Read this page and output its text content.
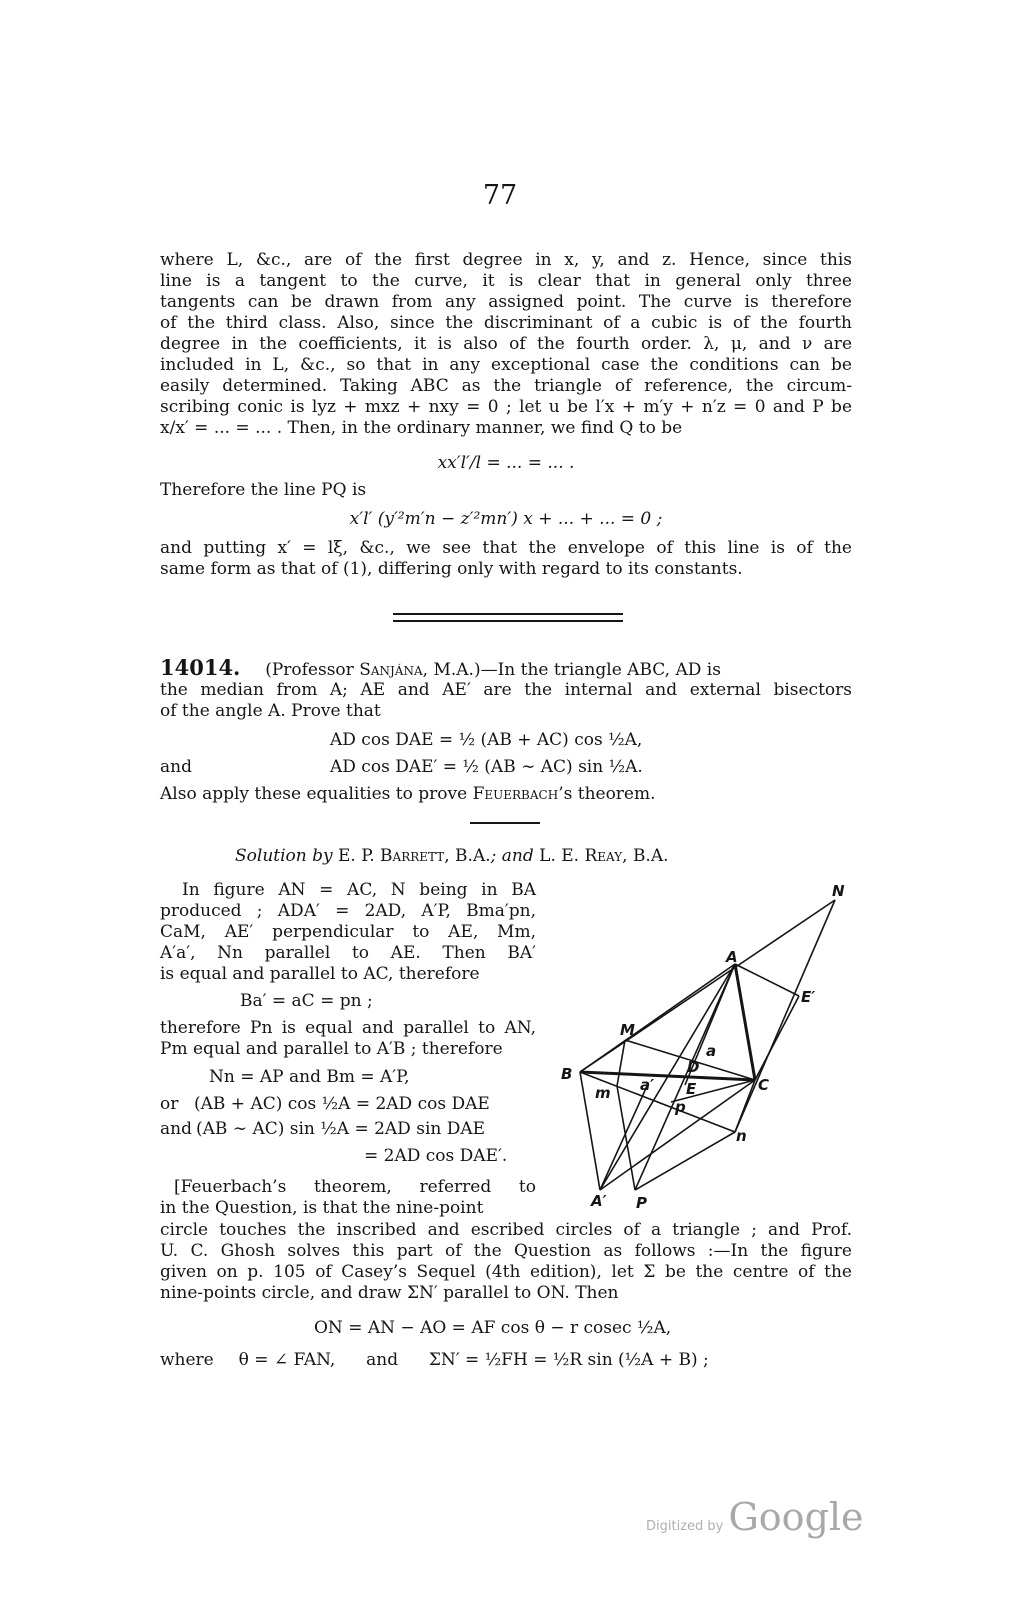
77
where L, &c., are of the first degree in x, y, and z. Hence, since this
line is a tangent to the curve, it is clear that in general only three
tangents can be drawn from any assigned point. The curve is therefore
of the third class. Also, since the discriminant of a cubic is of the fourth
degree in the coefficients, it is also of the fourth order. λ, μ, and ν are
included in L, &c., so that in any exceptional case the conditions can be
easily determined. Taking ABC as the triangle of reference, the circum-
scribing conic is lyz + mxz + nxy = 0 ; let u be l′x + m′y + n′z = 0 and P be
x/x′ = ... = ... . Then, in the ordinary manner, we find Q to be
xx′l′/l = ... = ... .
Therefore the line PQ is
x′l′ (y′²m′n − z′²mn′) x + ... + ... = 0 ;
and putting x′ = lξ, &c., we see that the envelope of this line is of the
same form as that of (1), differing only with regard to its constants.
14014. (Professor Sanjána, M.A.)—In the triangle ABC, AD is
the median from A; AE and AE′ are the internal and external bisectors
of the angle A. Prove that
AD cos DAE = ½ (AB + AC) cos ½A,
and	AD cos DAE′ = ½ (AB ∼ AC) sin ½A.
Also apply these equalities to prove Feuerbach’s theorem.
Solution by E. P. Barrett, B.A.; and L. E. Reay, B.A.
In figure AN = AC, N being in BA
produced ; ADA′ = 2AD, A′P, Bma′pn,
CaM, AE′ perpendicular to AE, Mm,
A′a′, Nn parallel to AE. Then BA′
is equal and parallel to AC, therefore
Ba′ = aC = pn ;
therefore Pn is equal and parallel to AN,
Pm equal and parallel to A′B ; therefore
Nn = AP and Bm = A′P,
or (AB + AC) cos ½A = 2AD cos DAE
and (AB ∼ AC) sin ½A = 2AD sin DAE
= 2AD cos DAE′.
[Feuerbach’s theorem, referred to
in the Question, is that the nine-point
circle touches the inscribed and escribed circles of a triangle ; and Prof.
U. C. Ghosh solves this part of the Question as follows :—In the figure
given on p. 105 of Casey’s Sequel (4th edition), let Σ be the centre of the
nine-points circle, and draw ΣN′ parallel to ON. Then
ON = AN − AO = AF cos θ − r cosec ½A,
where θ = ∠ FAN, and ΣN′ = ½FH = ½R sin (½A + B) ;
N
A
E′
M
a
D
B
C
m a′ E
p
n
A′ P
Digitized by Google
